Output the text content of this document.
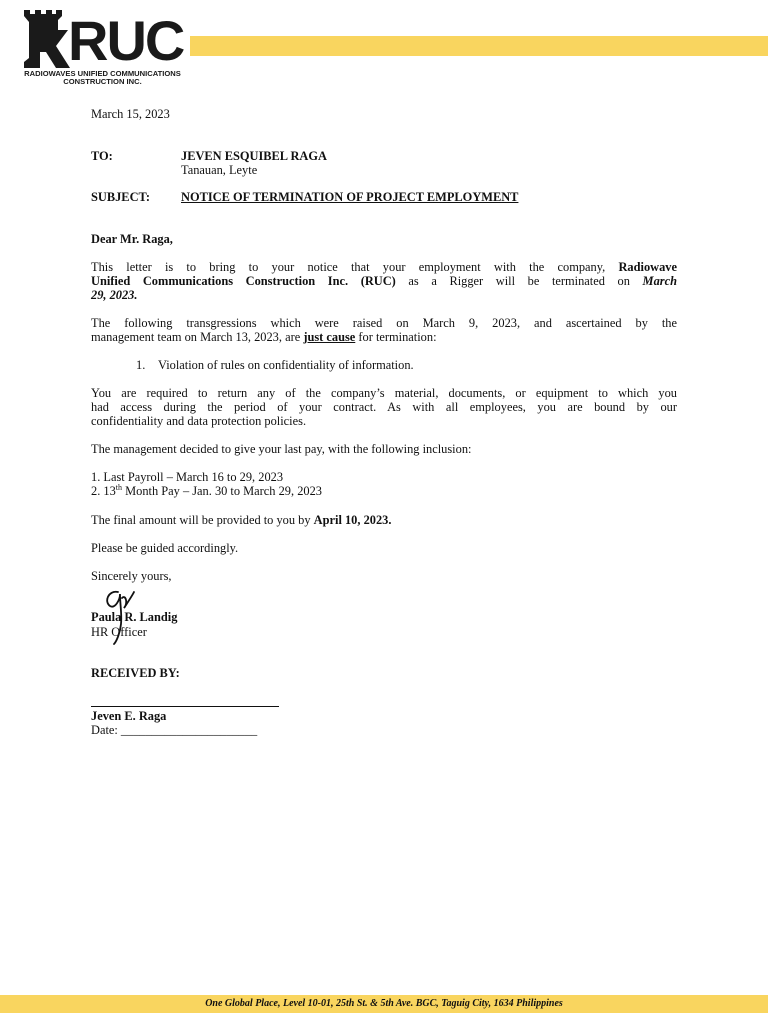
RUC
RADIOWAVES UNIFIED COMMUNICATIONS
CONSTRUCTION INC.
March 15, 2023
TO:	JEVEN ESQUIBEL RAGA
Tanauan, Leyte
SUBJECT:	NOTICE OF TERMINATION OF PROJECT EMPLOYMENT
Dear Mr. Raga,
This letter is to bring to your notice that your employment with the company, Radiowave
Unified Communications Construction Inc. (RUC) as a Rigger will be terminated on March
29, 2023.
The following transgressions which were raised on March 9, 2023, and ascertained by the
management team on March 13, 2023, are just cause for termination:
1. Violation of rules on confidentiality of information.
You are required to return any of the company’s material, documents, or equipment to which you
had access during the period of your contract. As with all employees, you are bound by our
confidentiality and data protection policies.
The management decided to give your last pay, with the following inclusion:
1. Last Payroll – March 16 to 29, 2023
2. 13th Month Pay – Jan. 30 to March 29, 2023
The final amount will be provided to you by April 10, 2023.
Please be guided accordingly.
Sincerely yours,
Paula R. Landig
HR Officer
RECEIVED BY:
Jeven E. Raga
Date: ______________________
One Global Place, Level 10-01, 25th St. & 5th Ave. BGC, Taguig City, 1634 Philippines
